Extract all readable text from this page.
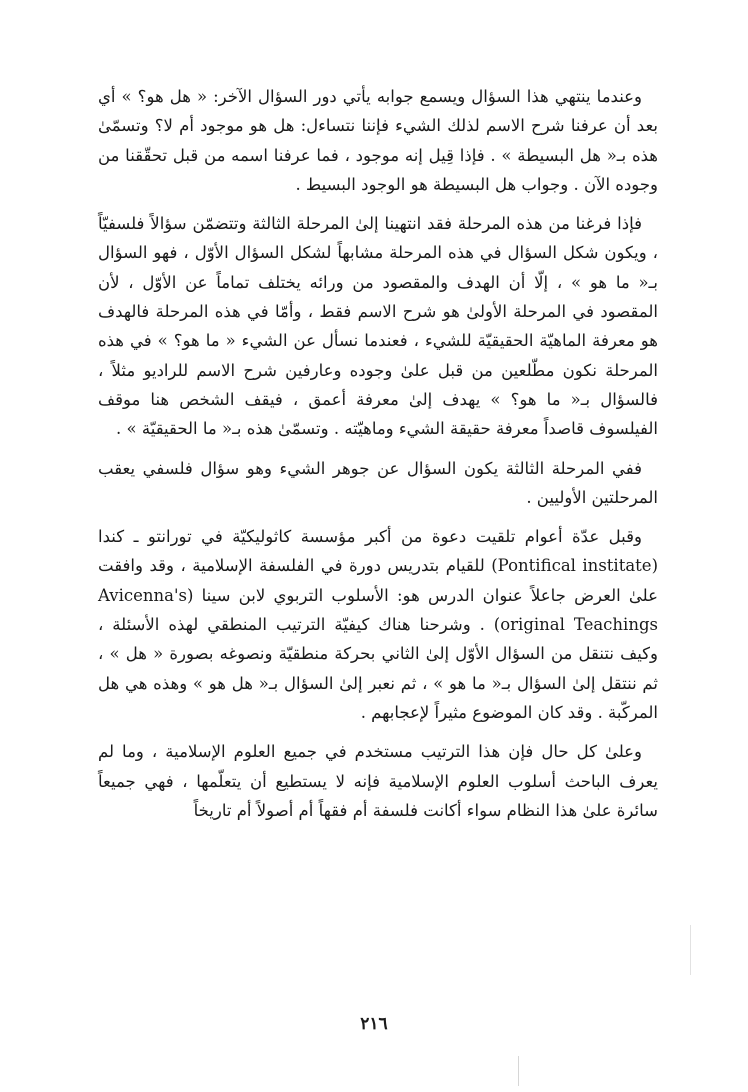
وعندما ينتهي هذا السؤال ويسمع جوابه يأتي دور السؤال الآخر: « هل هو؟ » أي بعد أن عرفنا شرح الاسم لذلك الشيء فإننا نتساءل: هل هو موجود أم لا؟ وتسمّىٰ هذه بـ« هل البسيطة » . فإذا قِيل إنه موجود ، فما عرفنا اسمه من قبل تحقّقنا من وجوده الآن . وجواب هل البسيطة هو الوجود البسيط .

فإذا فرغنا من هذه المرحلة فقد انتهينا إلىٰ المرحلة الثالثة وتتضمّن سؤالاً فلسفيّاً ، ويكون شكل السؤال في هذه المرحلة مشابهاً لشكل السؤال الأوّل ، فهو السؤال بـ« ما هو » ، إلّا أن الهدف والمقصود من ورائه يختلف تماماً عن الأوّل ، لأن المقصود في المرحلة الأولىٰ هو شرح الاسم فقط ، وأمّا في هذه المرحلة فالهدف هو معرفة الماهيّة الحقيقيّة للشيء ، فعندما نسأل عن الشيء « ما هو؟ » في هذه المرحلة نكون مطّلعين من قبل علىٰ وجوده وعارفين شرح الاسم للراديو مثلاً ، فالسؤال بـ« ما هو؟ » يهدف إلىٰ معرفة أعمق ، فيقف الشخص هنا موقف الفيلسوف قاصداً معرفة حقيقة الشيء وماهيّته . وتسمّىٰ هذه بـ« ما الحقيقيّة » .

ففي المرحلة الثالثة يكون السؤال عن جوهر الشيء وهو سؤال فلسفي يعقب المرحلتين الأوليين .

وقبل عدّة أعوام تلقيت دعوة من أكبر مؤسسة كاثوليكيّة في تورانتو ـ كندا (Pontifical institate) للقيام بتدريس دورة في الفلسفة الإسلامية ، وقد وافقت علىٰ العرض جاعلاً عنوان الدرس هو: الأسلوب التربوي لابن سينا (Avicenna's original Teachings) . وشرحنا هناك كيفيّة الترتيب المنطقي لهذه الأسئلة ، وكيف نتنقل من السؤال الأوّل إلىٰ الثاني بحركة منطقيّة ونصوغه بصورة « هل » ، ثم ننتقل إلىٰ السؤال بـ« ما هو » ، ثم نعبر إلىٰ السؤال بـ« هل هو » وهذه هي هل المركّبة . وقد كان الموضوع مثيراً لإعجابهم .

وعلىٰ كل حال فإن هذا الترتيب مستخدم في جميع العلوم الإسلامية ، وما لم يعرف الباحث أسلوب العلوم الإسلامية فإنه لا يستطيع أن يتعلّمها ، فهي جميعاً سائرة علىٰ هذا النظام سواء أكانت فلسفة أم فقهاً أم أصولاً أم تاريخاً

٢١٦
